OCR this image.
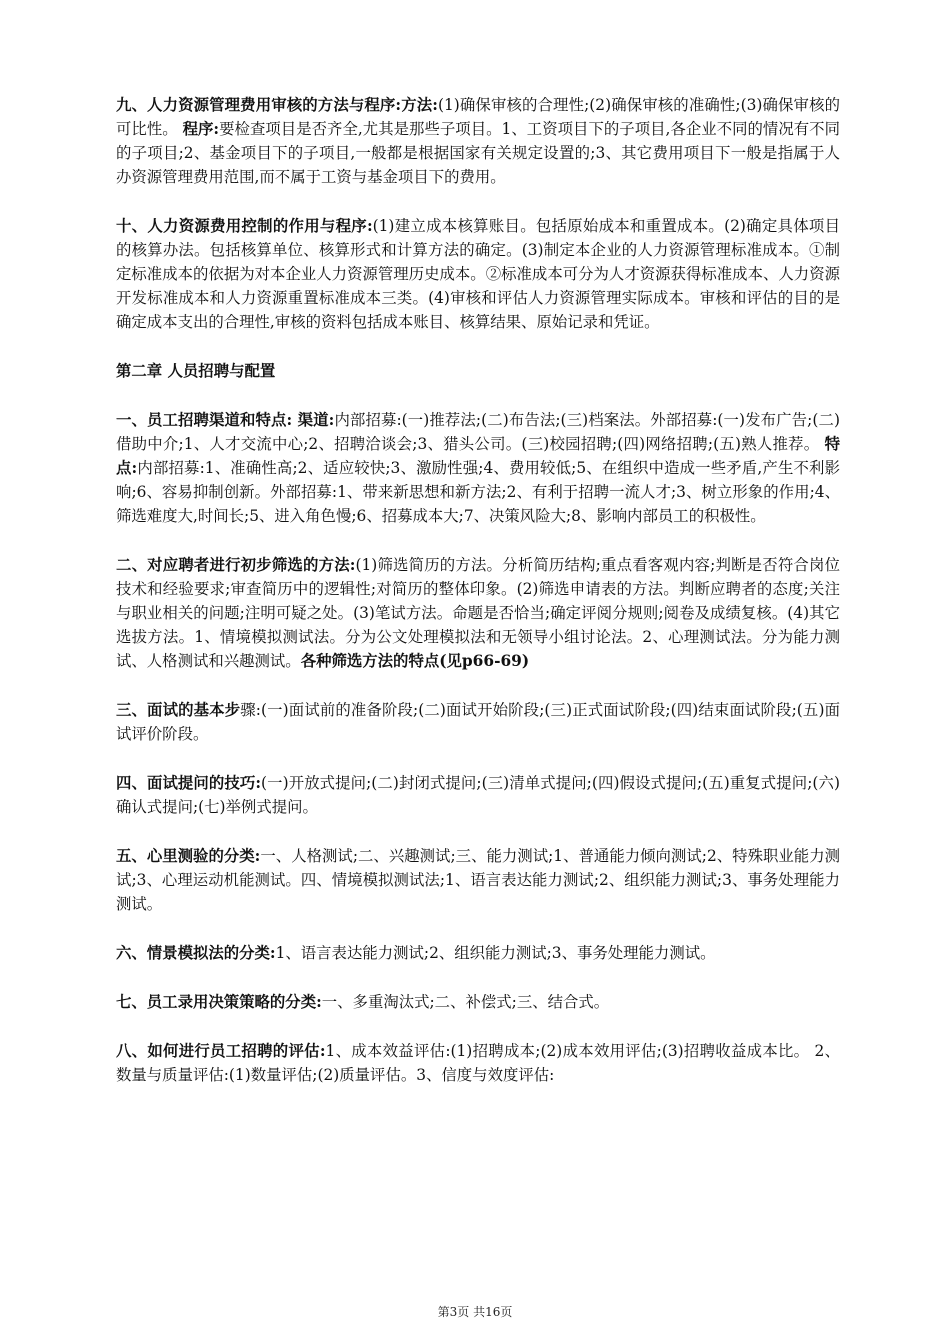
九、人力资源管理费用审核的方法与程序:方法:(1)确保审核的合理性;(2)确保审核的准确性;(3)确保审核的可比性。 程序:要检查项目是否齐全,尤其是那些子项目。1、工资项目下的子项目,各企业不同的情况有不同的子项目;2、基金项目下的子项目,一般都是根据国家有关规定设置的;3、其它费用项目下一般是指属于人办资源管理费用范围,而不属于工资与基金项目下的费用。

十、人力资源费用控制的作用与程序:(1)建立成本核算账目。包括原始成本和重置成本。(2)确定具体项目的核算办法。包括核算单位、核算形式和计算方法的确定。(3)制定本企业的人力资源管理标准成本。①制定标准成本的依据为对本企业人力资源管理历史成本。②标准成本可分为人才资源获得标准成本、人力资源开发标准成本和人力资源重置标准成本三类。(4)审核和评估人力资源管理实际成本。审核和评估的目的是确定成本支出的合理性,审核的资料包括成本账目、核算结果、原始记录和凭证。

第二章 人员招聘与配置

一、员工招聘渠道和特点: 渠道:内部招募:(一)推荐法;(二)布告法;(三)档案法。外部招募:(一)发布广告;(二)借助中介;1、人才交流中心;2、招聘洽谈会;3、猎头公司。(三)校园招聘;(四)网络招聘;(五)熟人推荐。 特点:内部招募:1、准确性高;2、适应较快;3、激励性强;4、费用较低;5、在组织中造成一些矛盾,产生不利影响;6、容易抑制创新。外部招募:1、带来新思想和新方法;2、有利于招聘一流人才;3、树立形象的作用;4、筛选难度大,时间长;5、进入角色慢;6、招募成本大;7、决策风险大;8、影响内部员工的积极性。

二、对应聘者进行初步筛选的方法:(1)筛选简历的方法。分析简历结构;重点看客观内容;判断是否符合岗位技术和经验要求;审查简历中的逻辑性;对简历的整体印象。(2)筛选申请表的方法。判断应聘者的态度;关注与职业相关的问题;注明可疑之处。(3)笔试方法。命题是否恰当;确定评阅分规则;阅卷及成绩复核。(4)其它选拔方法。1、情境模拟测试法。分为公文处理模拟法和无领导小组讨论法。2、心理测试法。分为能力测试、人格测试和兴趣测试。各种筛选方法的特点(见p66-69)

三、面试的基本步骤:(一)面试前的准备阶段;(二)面试开始阶段;(三)正式面试阶段;(四)结束面试阶段;(五)面试评价阶段。

四、面试提问的技巧:(一)开放式提问;(二)封闭式提问;(三)清单式提问;(四)假设式提问;(五)重复式提问;(六)确认式提问;(七)举例式提问。

五、心里测验的分类:一、人格测试;二、兴趣测试;三、能力测试;1、普通能力倾向测试;2、特殊职业能力测试;3、心理运动机能测试。四、情境模拟测试法;1、语言表达能力测试;2、组织能力测试;3、事务处理能力测试。

六、情景模拟法的分类:1、语言表达能力测试;2、组织能力测试;3、事务处理能力测试。

七、员工录用决策策略的分类:一、多重淘汰式;二、补偿式;三、结合式。

八、如何进行员工招聘的评估:1、成本效益评估:(1)招聘成本;(2)成本效用评估;(3)招聘收益成本比。 2、数量与质量评估:(1)数量评估;(2)质量评估。3、信度与效度评估:

第3页 共16页
